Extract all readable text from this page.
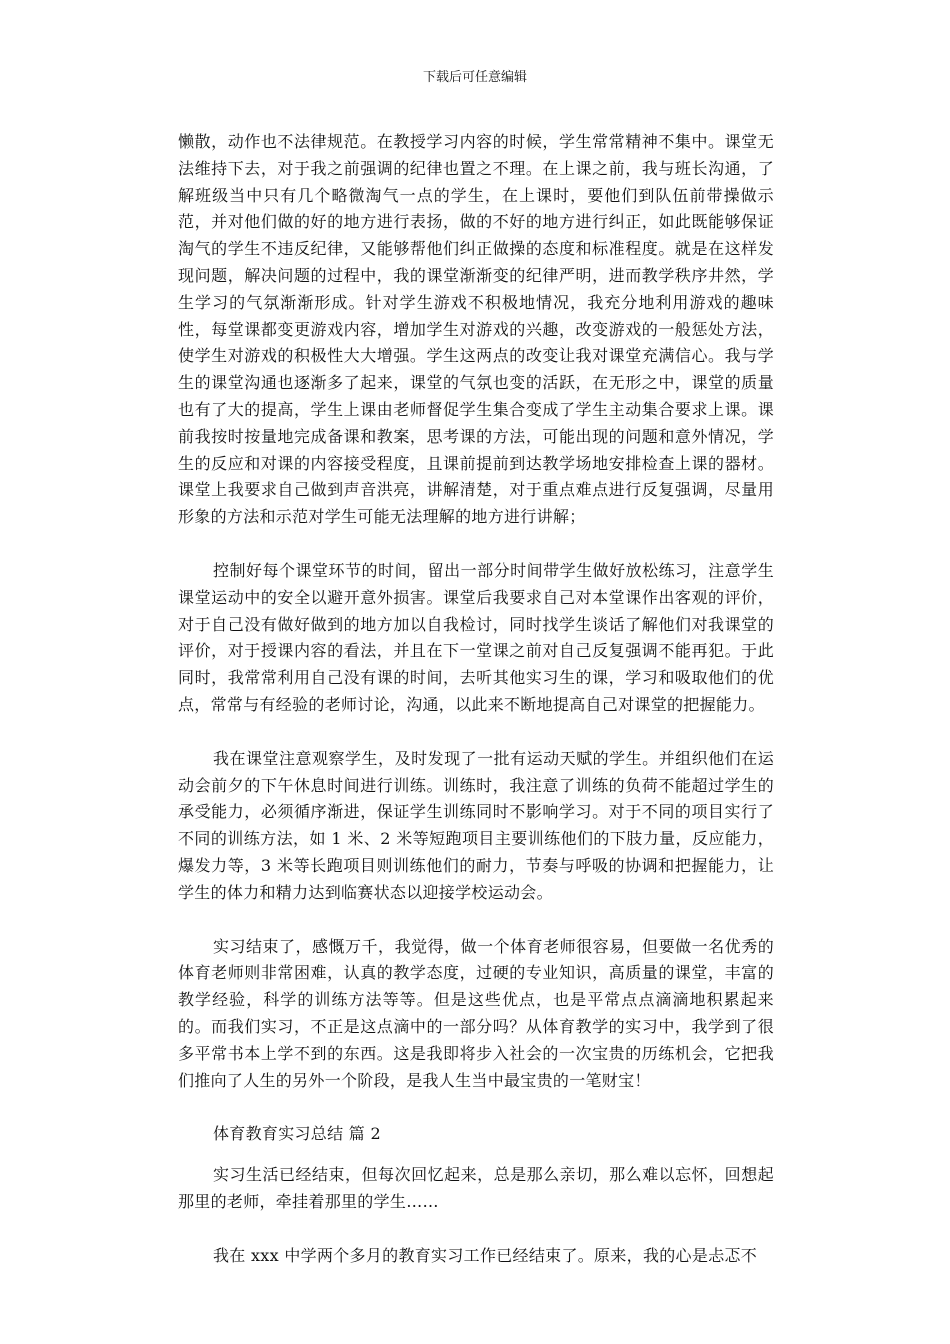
下载后可任意编辑

懒散，动作也不法律规范。在教授学习内容的时候，学生常常精神不集中。课堂无法维持下去，对于我之前强调的纪律也置之不理。在上课之前，我与班长沟通，了解班级当中只有几个略微淘气一点的学生，在上课时，要他们到队伍前带操做示范，并对他们做的好的地方进行表扬，做的不好的地方进行纠正，如此既能够保证淘气的学生不违反纪律，又能够帮他们纠正做操的态度和标准程度。就是在这样发现问题，解决问题的过程中，我的课堂渐渐变的纪律严明，进而教学秩序井然，学生学习的气氛渐渐形成。针对学生游戏不积极地情况，我充分地利用游戏的趣味性，每堂课都变更游戏内容，增加学生对游戏的兴趣，改变游戏的一般惩处方法，使学生对游戏的积极性大大增强。学生这两点的改变让我对课堂充满信心。我与学生的课堂沟通也逐渐多了起来，课堂的气氛也变的活跃，在无形之中，课堂的质量也有了大的提高，学生上课由老师督促学生集合变成了学生主动集合要求上课。课前我按时按量地完成备课和教案，思考课的方法，可能出现的问题和意外情况，学生的反应和对课的内容接受程度，且课前提前到达教学场地安排检查上课的器材。课堂上我要求自己做到声音洪亮，讲解清楚，对于重点难点进行反复强调，尽量用形象的方法和示范对学生可能无法理解的地方进行讲解；

控制好每个课堂环节的时间，留出一部分时间带学生做好放松练习，注意学生课堂运动中的安全以避开意外损害。课堂后我要求自己对本堂课作出客观的评价，对于自己没有做好做到的地方加以自我检讨，同时找学生谈话了解他们对我课堂的评价，对于授课内容的看法，并且在下一堂课之前对自己反复强调不能再犯。于此同时，我常常利用自己没有课的时间，去听其他实习生的课，学习和吸取他们的优点，常常与有经验的老师讨论，沟通，以此来不断地提高自己对课堂的把握能力。

我在课堂注意观察学生，及时发现了一批有运动天赋的学生。并组织他们在运动会前夕的下午休息时间进行训练。训练时，我注意了训练的负荷不能超过学生的承受能力，必须循序渐进，保证学生训练同时不影响学习。对于不同的项目实行了不同的训练方法，如 1 米、2 米等短跑项目主要训练他们的下肢力量，反应能力，爆发力等，3 米等长跑项目则训练他们的耐力，节奏与呼吸的协调和把握能力，让学生的体力和精力达到临赛状态以迎接学校运动会。

实习结束了，感慨万千，我觉得，做一个体育老师很容易，但要做一名优秀的体育老师则非常困难，认真的教学态度，过硬的专业知识，高质量的课堂，丰富的教学经验，科学的训练方法等等。但是这些优点，也是平常点点滴滴地积累起来的。而我们实习，不正是这点滴中的一部分吗？从体育教学的实习中，我学到了很多平常书本上学不到的东西。这是我即将步入社会的一次宝贵的历练机会，它把我们推向了人生的另外一个阶段，是我人生当中最宝贵的一笔财宝！

体育教育实习总结 篇 2

实习生活已经结束，但每次回忆起来，总是那么亲切，那么难以忘怀，回想起那里的老师，牵挂着那里的学生……

我在 xxx 中学两个多月的教育实习工作已经结束了。原来，我的心是忐忑不
